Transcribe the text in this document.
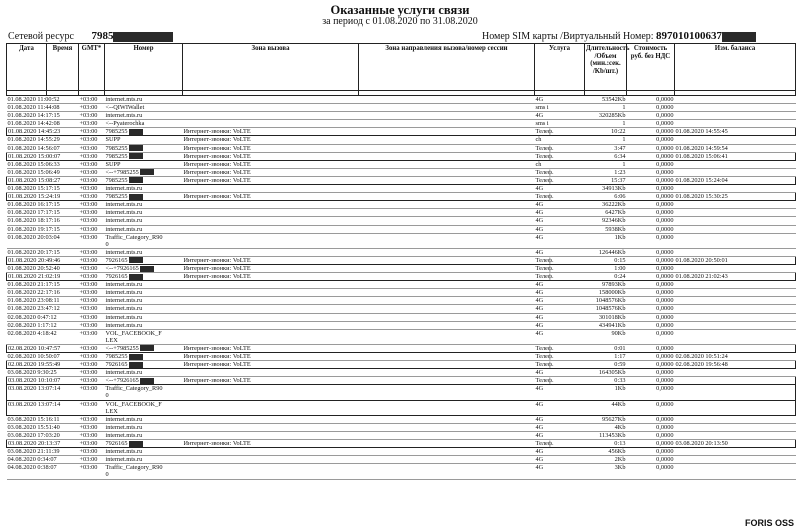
Оказанные услуги связи
за период с 01.08.2020 по 31.08.2020
Сетевой ресурс 7985	Номер SIM карты /Виртуальный Номер: 897010100637
Дата	Время	GMT*	Номер	Зона вызова	Зона направления вызова/номер сессии	Услуга	Длительность /Объем (мин.:сек. /Kb/шт.)	Стоимость руб. без НДС	Изм. баланса

01.08.2020 11:00:52		+03:00	internet.mts.ru			4G	53542Kb	0,0000	
01.08.2020 11:44:08		+03:00	<--QIWIWallet			sms i	1	0,0000	
01.08.2020 14:17:15		+03:00	internet.mts.ru			4G	320285Kb	0,0000	
01.08.2020 14:42:08		+03:00	<--Pyaterochka			sms i	1	0,0000	
01.08.2020 14:45:23		+03:00	7985255	Интернет-звонки: VoLTE		Телеф.	10:22	0,0000	01.08.2020 14:55:45
01.08.2020 14:55:29		+03:00	SUPP	Интернет-звонки: VoLTE		ch	1	0,0000	
01.08.2020 14:56:07		+03:00	7985255	Интернет-звонки: VoLTE		Телеф.	3:47	0,0000	01.08.2020 14:59:54
01.08.2020 15:00:07		+03:00	7985255	Интернет-звонки: VoLTE		Телеф.	6:34	0,0000	01.08.2020 15:06:41
01.08.2020 15:06:33		+03:00	SUPP	Интернет-звонки: VoLTE		ch	1	0,0000	
01.08.2020 15:06:49		+03:00	<--+7985255	Интернет-звонки: VoLTE		Телеф.	1:23	0,0000	
01.08.2020 15:08:27		+03:00	7985255	Интернет-звонки: VoLTE		Телеф.	15:37	0,0000	01.08.2020 15:24:04
01.08.2020 15:17:15		+03:00	internet.mts.ru			4G	34913Kb	0,0000	
01.08.2020 15:24:19		+03:00	7985255	Интернет-звонки: VoLTE		Телеф.	6:06	0,0000	01.08.2020 15:30:25
01.08.2020 16:17:15		+03:00	internet.mts.ru			4G	36222Kb	0,0000	
01.08.2020 17:17:15		+03:00	internet.mts.ru			4G	6427Kb	0,0000	
01.08.2020 18:17:16		+03:00	internet.mts.ru			4G	92346Kb	0,0000	
01.08.2020 19:17:15		+03:00	internet.mts.ru			4G	5938Kb	0,0000	
01.08.2020 20:03:04		+03:00	Traffic_Category_R90
0			4G	1Kb	0,0000	
01.08.2020 20:17:15		+03:00	internet.mts.ru			4G	126446Kb	0,0000	
01.08.2020 20:49:46		+03:00	7926165	Интернет-звонки: VoLTE		Телеф.	0:15	0,0000	01.08.2020 20:50:01
01.08.2020 20:52:40		+03:00	<--+7926165	Интернет-звонки: VoLTE		Телеф.	1:00	0,0000	
01.08.2020 21:02:19		+03:00	7926165	Интернет-звонки: VoLTE		Телеф.	0:24	0,0000	01.08.2020 21:02:43
01.08.2020 21:17:15		+03:00	internet.mts.ru			4G	97893Kb	0,0000	
01.08.2020 22:17:16		+03:00	internet.mts.ru			4G	158000Kb	0,0000	
01.08.2020 23:08:11		+03:00	internet.mts.ru			4G	1048576Kb	0,0000	
01.08.2020 23:47:12		+03:00	internet.mts.ru			4G	1048576Kb	0,0000	
02.08.2020 0:47:12		+03:00	internet.mts.ru			4G	301018Kb	0,0000	
02.08.2020 1:17:12		+03:00	internet.mts.ru			4G	434941Kb	0,0000	
02.08.2020 4:18:42		+03:00	VOL_FACEBOOK_F
LEX			4G	90Kb	0,0000	
02.08.2020 10:47:57		+03:00	<--+7985255	Интернет-звонки: VoLTE		Телеф.	0:01	0,0000	
02.08.2020 10:50:07		+03:00	7985255	Интернет-звонки: VoLTE		Телеф.	1:17	0,0000	02.08.2020 10:51:24
02.08.2020 19:55:49		+03:00	7926165	Интернет-звонки: VoLTE		Телеф.	0:59	0,0000	02.08.2020 19:56:48
03.08.2020 9:30:25		+03:00	internet.mts.ru			4G	164305Kb	0,0000	
03.08.2020 10:10:07		+03:00	<--+7926165	Интернет-звонки: VoLTE		Телеф.	0:33	0,0000	
03.08.2020 13:07:14		+03:00	Traffic_Category_R90
0			4G	1Kb	0,0000	
03.08.2020 13:07:14		+03:00	VOL_FACEBOOK_F
LEX			4G	44Kb	0,0000	
03.08.2020 15:16:11		+03:00	internet.mts.ru			4G	95627Kb	0,0000	
03.08.2020 15:51:40		+03:00	internet.mts.ru			4G	4Kb	0,0000	
03.08.2020 17:03:20		+03:00	internet.mts.ru			4G	113453Kb	0,0000	
03.08.2020 20:13:37		+03:00	7926165	Интернет-звонки: VoLTE		Телеф.	0:13	0,0000	03.08.2020 20:13:50
03.08.2020 21:11:39		+03:00	internet.mts.ru			4G	456Kb	0,0000	
04.08.2020 0:34:07		+03:00	internet.mts.ru			4G	2Kb	0,0000	
04.08.2020 0:38:07		+03:00	Traffic_Category_R90
0			4G	3Kb	0,0000	
FORIS OSS
